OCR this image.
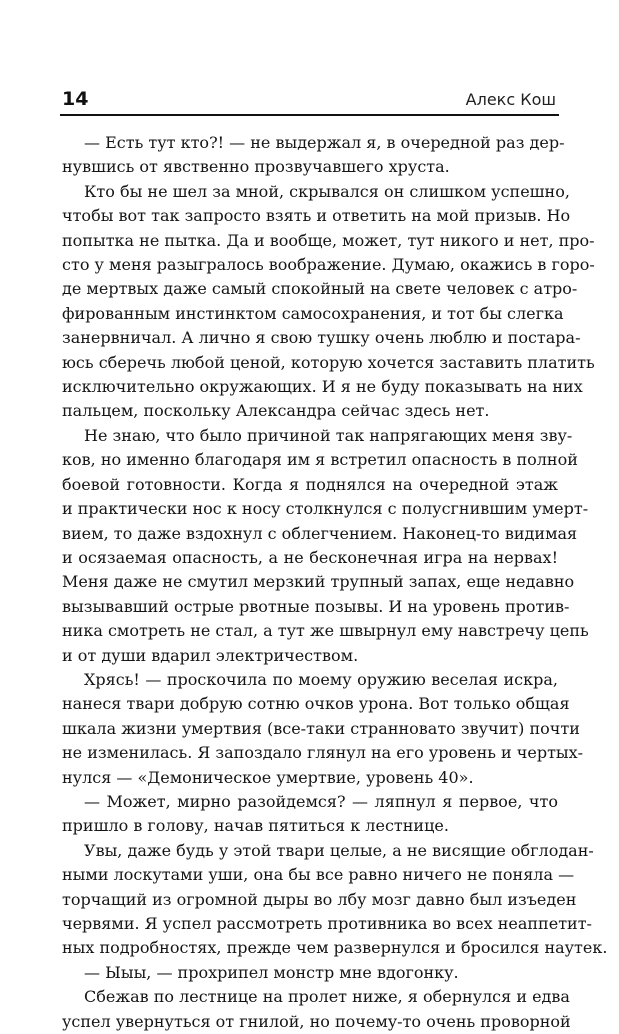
14	Алекс Кош
— Есть тут кто?! — не выдержал я, в очередной раз дер-
нувшись от явственно прозвучавшего хруста.
Кто бы не шел за мной, скрывался он слишком успешно,
чтобы вот так запросто взять и ответить на мой призыв. Но
попытка не пытка. Да и вообще, может, тут никого и нет, про-
сто у меня разыгралось воображение. Думаю, окажись в горо-
де мертвых даже самый спокойный на свете человек с атро-
фированным инстинктом самосохранения, и тот бы слегка
занервничал. А лично я свою тушку очень люблю и постара-
юсь сберечь любой ценой, которую хочется заставить платить
исключительно окружающих. И я не буду показывать на них
пальцем, поскольку Александра сейчас здесь нет.
Не знаю, что было причиной так напрягающих меня зву-
ков, но именно благодаря им я встретил опасность в полной
боевой готовности. Когда я поднялся на очередной этаж
и практически нос к носу столкнулся с полусгнившим умерт-
вием, то даже вздохнул с облегчением. Наконец-то видимая
и осязаемая опасность, а не бесконечная игра на нервах!
Меня даже не смутил мерзкий трупный запах, еще недавно
вызывавший острые рвотные позывы. И на уровень против-
ника смотреть не стал, а тут же швырнул ему навстречу цепь
и от души вдарил электричеством.
Хрясь! — проскочила по моему оружию веселая искра,
нанеся твари добрую сотню очков урона. Вот только общая
шкала жизни умертвия (все-таки странновато звучит) почти
не изменилась. Я запоздало глянул на его уровень и чертых-
нулся — «Демоническое умертвие, уровень 40».
— Может, мирно разойдемся? — ляпнул я первое, что
пришло в голову, начав пятиться к лестнице.
Увы, даже будь у этой твари целые, а не висящие обглодан-
ными лоскутами уши, она бы все равно ничего не поняла —
торчащий из огромной дыры во лбу мозг давно был изъеден
червями. Я успел рассмотреть противника во всех неаппетит-
ных подробностях, прежде чем развернулся и бросился наутек.
— Ыыы, — прохрипел монстр мне вдогонку.
Сбежав по лестнице на пролет ниже, я обернулся и едва
успел увернуться от гнилой, но почему-то очень проворной
